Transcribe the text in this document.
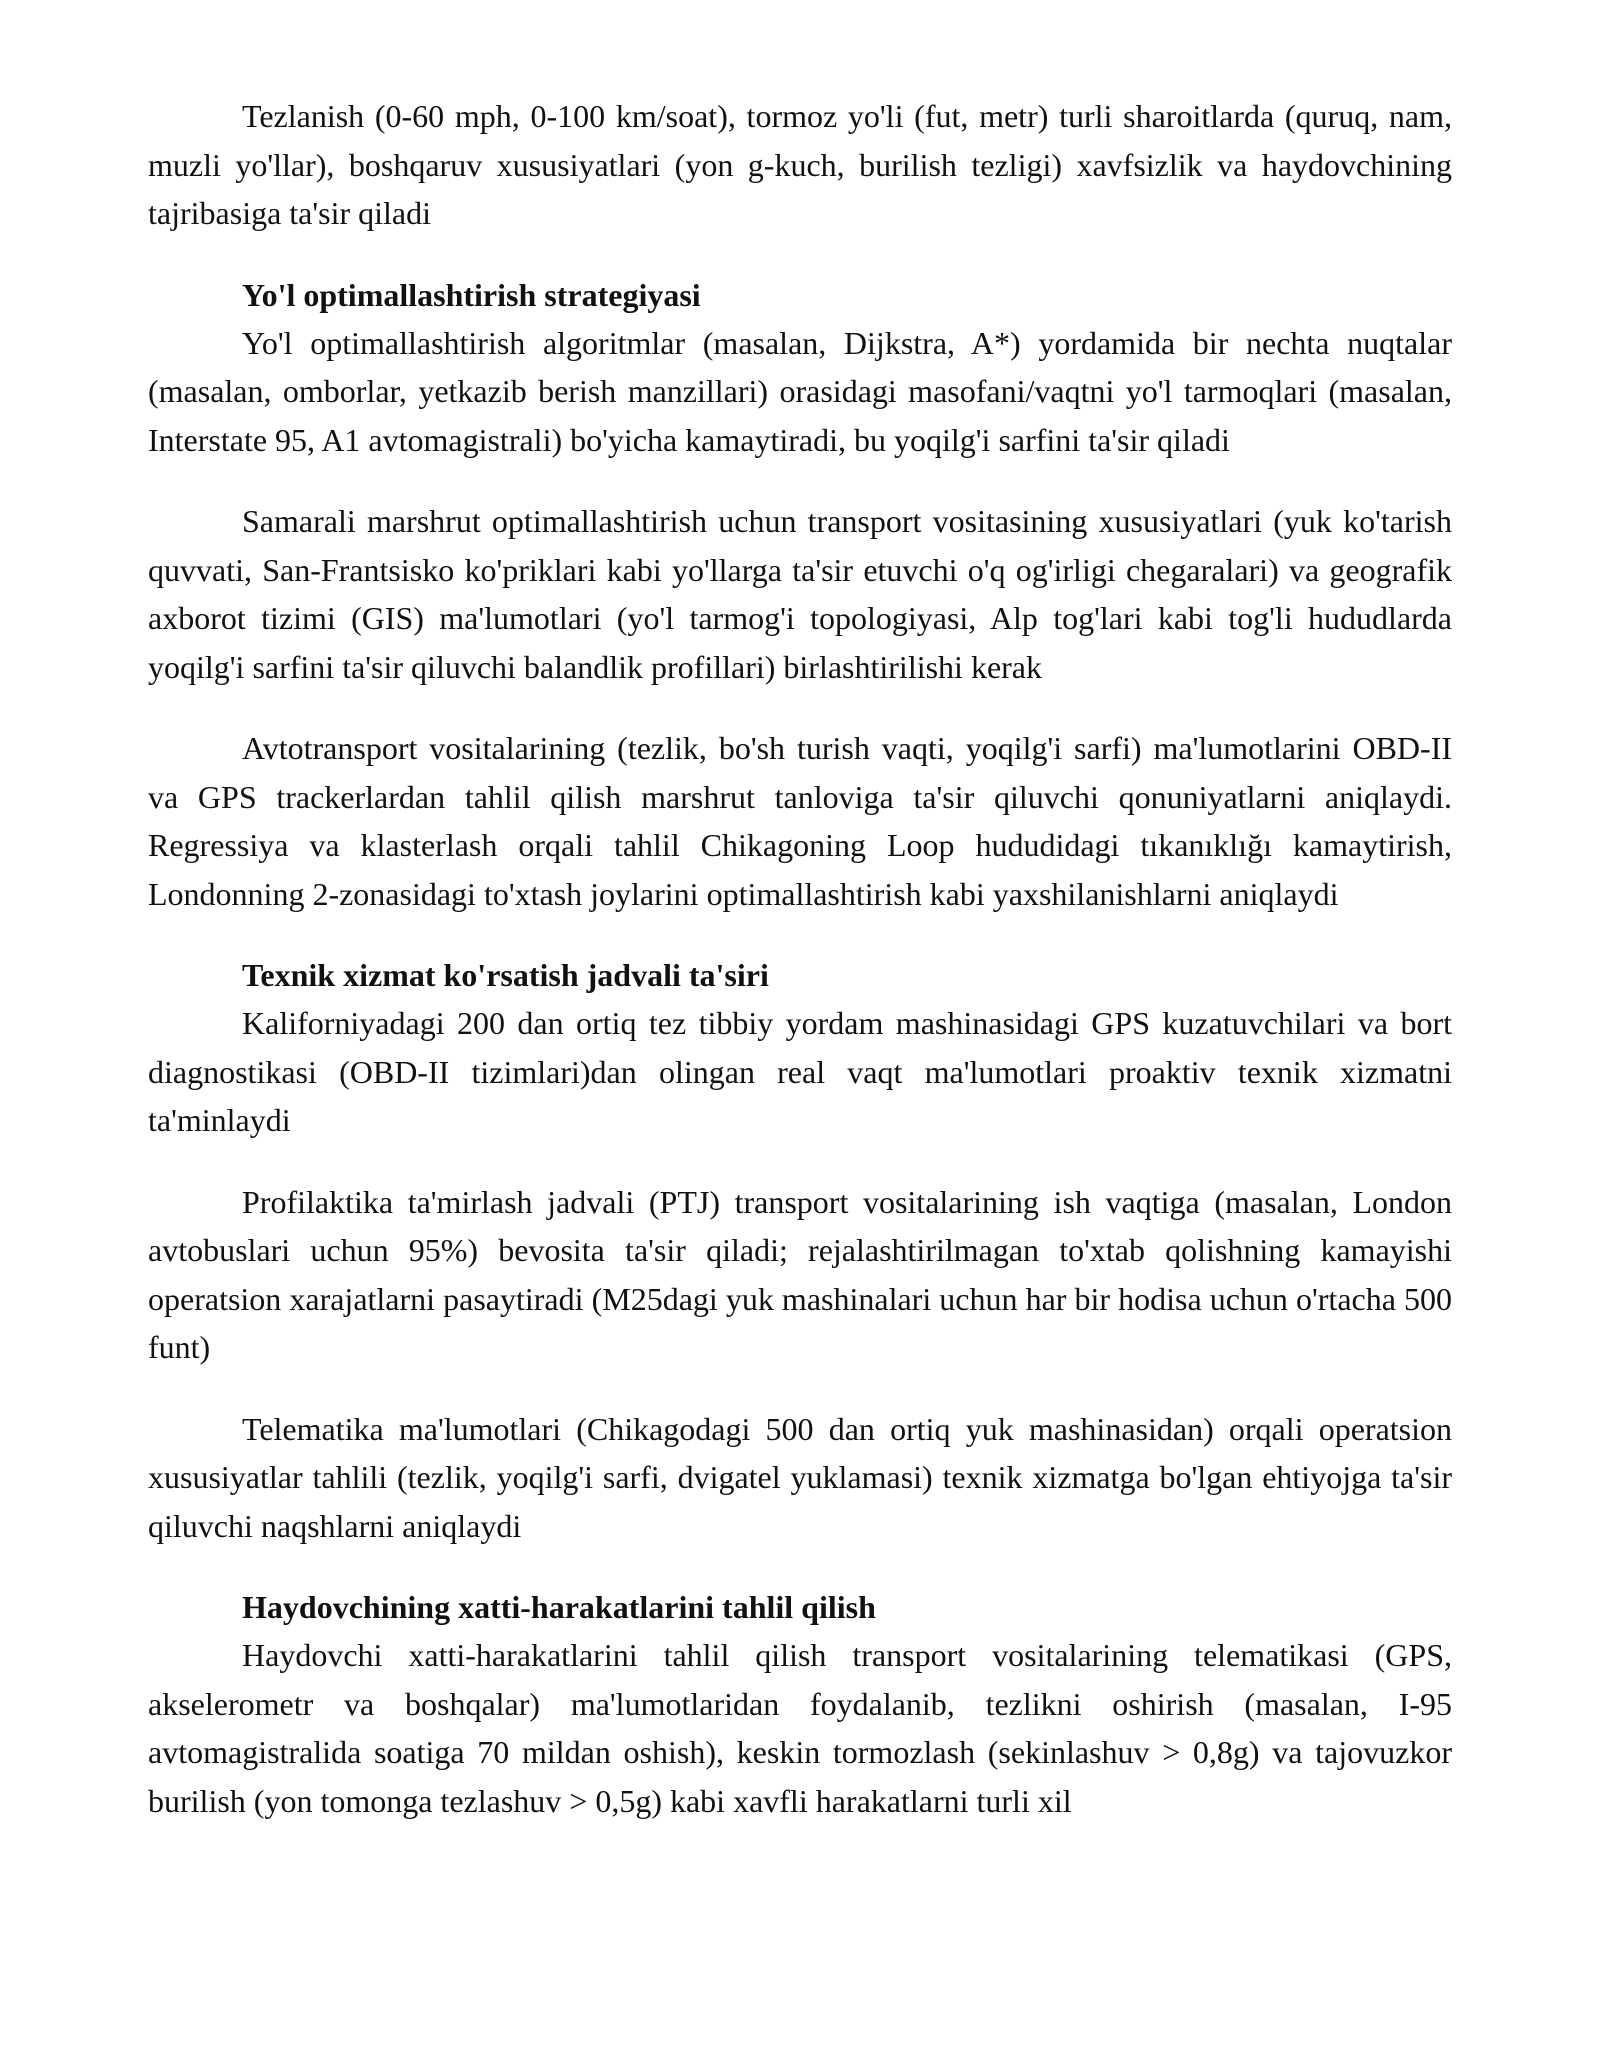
Tezlanish (0-60 mph, 0-100 km/soat), tormoz yo'li (fut, metr) turli sharoitlarda (quruq, nam, muzli yo'llar), boshqaruv xususiyatlari (yon g-kuch, burilish tezligi) xavfsizlik va haydovchining tajribasiga ta'sir qiladi

Yo'l optimallashtirish strategiyasi

Yo'l optimallashtirish algoritmlar (masalan, Dijkstra, A*) yordamida bir nechta nuqtalar (masalan, omborlar, yetkazib berish manzillari) orasidagi masofani/vaqtni yo'l tarmoqlari (masalan, Interstate 95, A1 avtomagistrali) bo'yicha kamaytiradi, bu yoqilg'i sarfini ta'sir qiladi

Samarali marshrut optimallashtirish uchun transport vositasining xususiyatlari (yuk ko'tarish quvvati, San-Frantsisko ko'priklari kabi yo'llarga ta'sir etuvchi o'q og'irligi chegaralari) va geografik axborot tizimi (GIS) ma'lumotlari (yo'l tarmog'i topologiyasi, Alp tog'lari kabi tog'li hududlarda yoqilg'i sarfini ta'sir qiluvchi balandlik profillari) birlashtirilishi kerak

Avtotransport vositalarining (tezlik, bo'sh turish vaqti, yoqilg'i sarfi) ma'lumotlarini OBD-II va GPS trackerlardan tahlil qilish marshrut tanloviga ta'sir qiluvchi qonuniyatlarni aniqlaydi. Regressiya va klasterlash orqali tahlil Chikagoning Loop hududidagi tıkanıklığı kamaytirish, Londonning 2-zonasidagi to'xtash joylarini optimallashtirish kabi yaxshilanishlarni aniqlaydi

Texnik xizmat ko'rsatish jadvali ta'siri

Kaliforniyadagi 200 dan ortiq tez tibbiy yordam mashinasidagi GPS kuzatuvchilari va bort diagnostikasi (OBD-II tizimlari)dan olingan real vaqt ma'lumotlari proaktiv texnik xizmatni ta'minlaydi

Profilaktika ta'mirlash jadvali (PTJ) transport vositalarining ish vaqtiga (masalan, London avtobuslari uchun 95%) bevosita ta'sir qiladi; rejalashtirilmagan to'xtab qolishning kamayishi operatsion xarajatlarni pasaytiradi (M25dagi yuk mashinalari uchun har bir hodisa uchun o'rtacha 500 funt)

Telematika ma'lumotlari (Chikagodagi 500 dan ortiq yuk mashinasidan) orqali operatsion xususiyatlar tahlili (tezlik, yoqilg'i sarfi, dvigatel yuklamasi) texnik xizmatga bo'lgan ehtiyojga ta'sir qiluvchi naqshlarni aniqlaydi

Haydovchining xatti-harakatlarini tahlil qilish

Haydovchi xatti-harakatlarini tahlil qilish transport vositalarining telematikasi (GPS, akselerometr va boshqalar) ma'lumotlaridan foydalanib, tezlikni oshirish (masalan, I-95 avtomagistralida soatiga 70 mildan oshish), keskin tormozlash (sekinlashuv > 0,8g) va tajovuzkor burilish (yon tomonga tezlashuv > 0,5g) kabi xavfli harakatlarni turli xil
